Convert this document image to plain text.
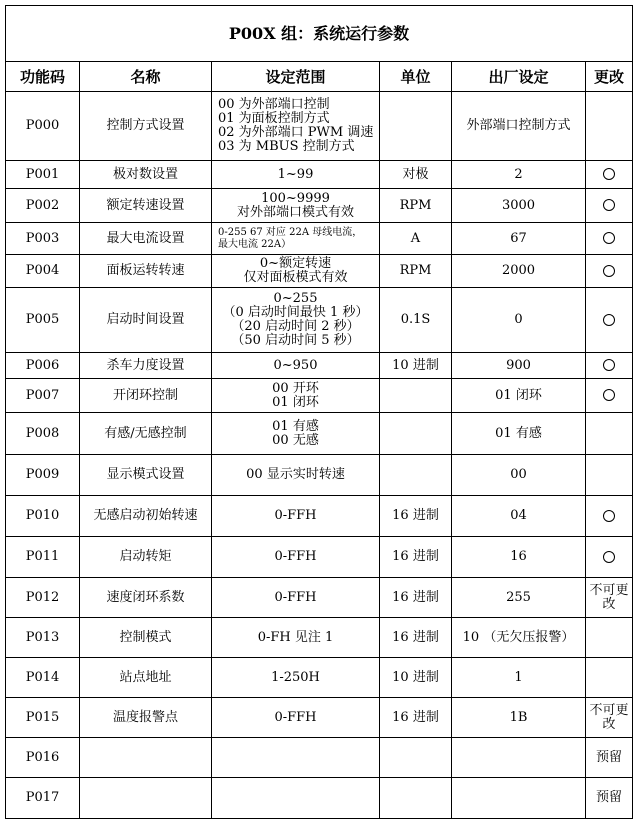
P00X 组：系统运行参数					
功能码	名称	设定范围	单位	出厂设定	更改
P000	控制方式设置	00 为外部端口控制
01 为面板控制方式
02 为外部端口 PWM 调速
03 为 MBUS 控制方式		外部端口控制方式	
P001	极对数设置	1~99	对极	2	
P002	额定转速设置	100~9999
对外部端口模式有效	RPM	3000	
P003	最大电流设置	0-255 67 对应 22A 母线电流，
最大电流 22A）	A	67	
P004	面板运转转速	0~额定转速
仅对面板模式有效	RPM	2000	
P005	启动时间设置	0~255
（0 启动时间最快 1 秒）
（20 启动时间 2 秒）
（50 启动时间 5 秒）	0.1S	0	
P006	杀车力度设置	0~950	10 进制	900	
P007	开闭环控制	00 开环
01 闭环		01 闭环	
P008	有感/无感控制	01 有感
00 无感		01 有感	
P009	显示模式设置	00 显示实时转速		00	
P010	无感启动初始转速	0-FFH	16 进制	04	
P011	启动转矩	0-FFH	16 进制	16	
P012	速度闭环系数	0-FFH	16 进制	255	不可更改
P013	控制模式	0-FH 见注 1	16 进制	10 （无欠压报警）	
P014	站点地址	1-250H	10 进制	1	
P015	温度报警点	0-FFH	16 进制	1B	不可更改
P016					预留
P017					预留
